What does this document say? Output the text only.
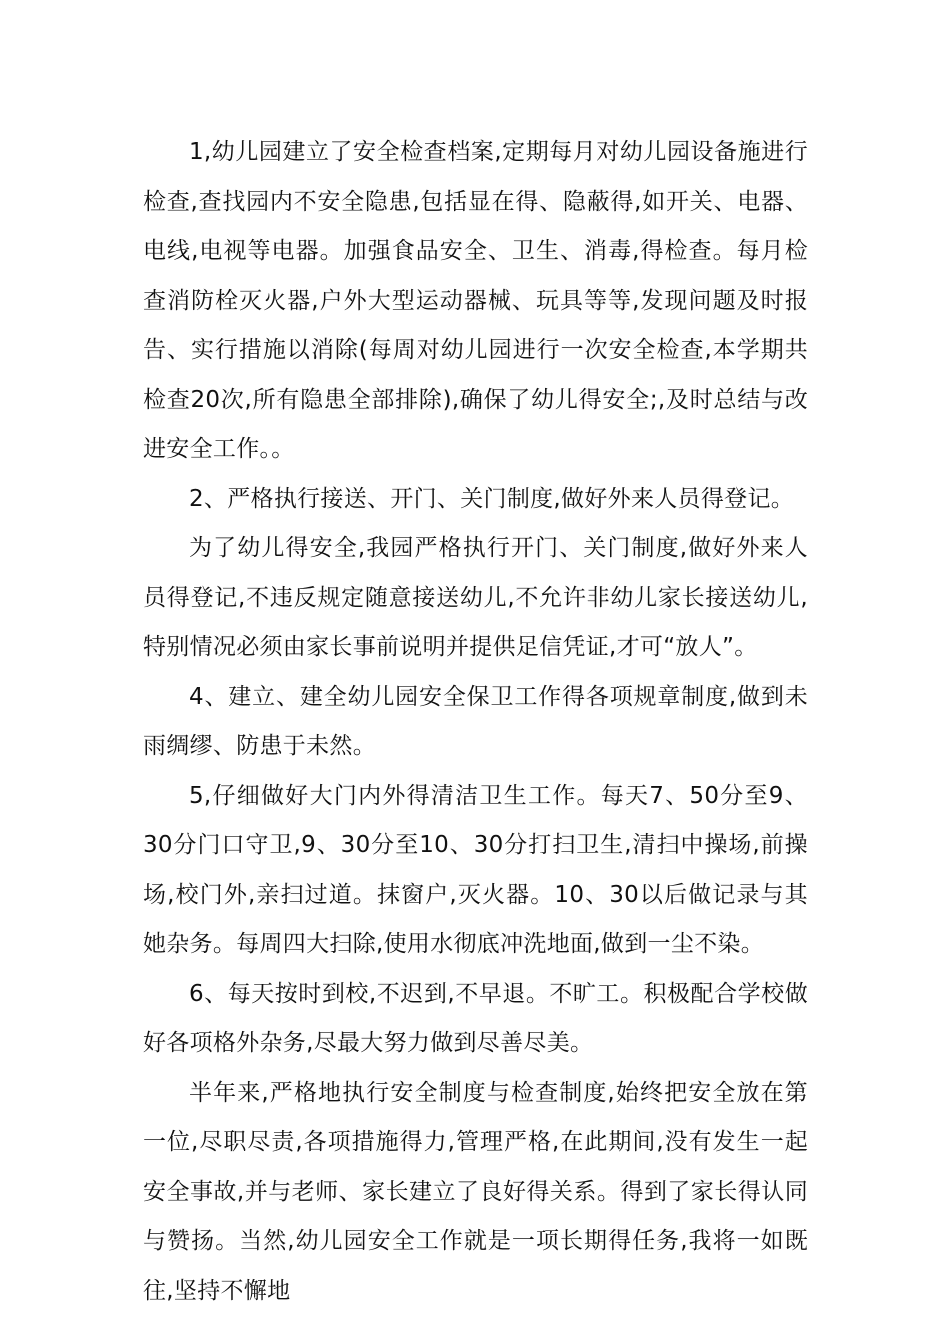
1,幼儿园建立了安全检查档案,定期每月对幼儿园设备施进行检查,查找园内不安全隐患,包括显在得、隐蔽得,如开关、电器、电线,电视等电器。加强食品安全、卫生、消毒,得检查。每月检查消防栓灭火器,户外大型运动器械、玩具等等,发现问题及时报告、实行措施以消除(每周对幼儿园进行一次安全检查,本学期共检查20次,所有隐患全部排除),确保了幼儿得安全;,及时总结与改进安全工作。。

2、严格执行接送、开门、关门制度,做好外来人员得登记。

为了幼儿得安全,我园严格执行开门、关门制度,做好外来人员得登记,不违反规定随意接送幼儿,不允许非幼儿家长接送幼儿,特别情况必须由家长事前说明并提供足信凭证,才可“放人”。

4、建立、建全幼儿园安全保卫工作得各项规章制度,做到未雨绸缪、防患于未然。

5,仔细做好大门内外得清洁卫生工作。每天7、50分至9、30分门口守卫,9、30分至10、30分打扫卫生,清扫中操场,前操场,校门外,亲扫过道。抹窗户,灭火器。10、30以后做记录与其她杂务。每周四大扫除,使用水彻底冲洗地面,做到一尘不染。

6、每天按时到校,不迟到,不早退。不旷工。积极配合学校做好各项格外杂务,尽最大努力做到尽善尽美。

半年来,严格地执行安全制度与检查制度,始终把安全放在第一位,尽职尽责,各项措施得力,管理严格,在此期间,没有发生一起安全事故,并与老师、家长建立了良好得关系。得到了家长得认同与赞扬。当然,幼儿园安全工作就是一项长期得任务,我将一如既往,坚持不懈地
